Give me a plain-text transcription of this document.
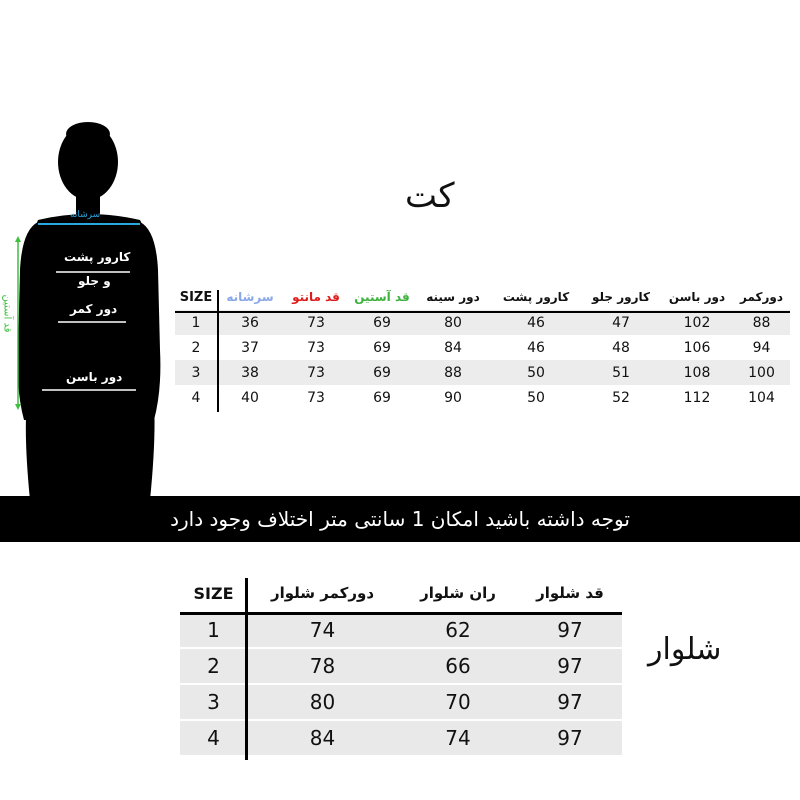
سرشانه
کارور پشت
و جلو
دور کمر
دور باسن
قد آستین
کت
SIZE	سرشانه	قد مانتو	قد آستین	دور سینه	کارور پشت	کارور جلو	دور باسن	دورکمر
1	36	73	69	80	46	47	102	88
2	37	73	69	84	46	48	106	94
3	38	73	69	88	50	51	108	100
4	40	73	69	90	50	52	112	104
توجه داشته باشید امکان 1 سانتی متر اختلاف وجود دارد
SIZE	دورکمر شلوار	ران شلوار	قد شلوار
1	74	62	97
2	78	66	97
3	80	70	97
4	84	74	97
شلوار
